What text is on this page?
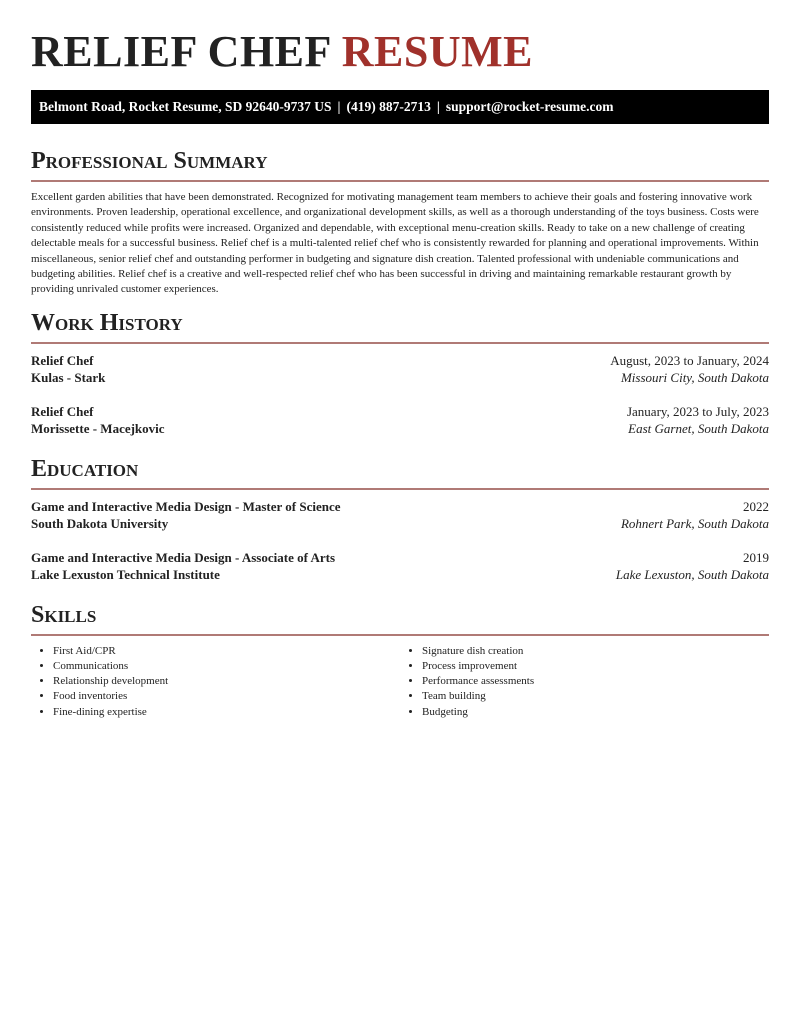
RELIEF CHEF RESUME
Belmont Road, Rocket Resume, SD 92640-9737 US | (419) 887-2713 | support@rocket-resume.com
Professional Summary

Excellent garden abilities that have been demonstrated. Recognized for motivating management team members to achieve their goals and fostering innovative work environments. Proven leadership, operational excellence, and organizational development skills, as well as a thorough understanding of the toys business. Costs were consistently reduced while profits were increased. Organized and dependable, with exceptional menu-creation skills. Ready to take on a new challenge of creating delectable meals for a successful business. Relief chef is a multi-talented relief chef who is consistently rewarded for planning and operational improvements. Within miscellaneous, senior relief chef and outstanding performer in budgeting and signature dish creation. Talented professional with undeniable communications and budgeting abilities. Relief chef is a creative and well-respected relief chef who has been successful in driving and maintaining remarkable restaurant growth by providing unrivaled customer experiences.

Work History
Relief Chef	August, 2023 to January, 2024
Kulas - Stark	Missouri City, South Dakota
Relief Chef	January, 2023 to July, 2023
Morissette - Macejkovic	East Garnet, South Dakota
Education
Game and Interactive Media Design - Master of Science	2022
South Dakota University	Rohnert Park, South Dakota
Game and Interactive Media Design - Associate of Arts	2019
Lake Lexuston Technical Institute	Lake Lexuston, South Dakota
Skills
• First Aid/CPR
• Communications
• Relationship development
• Food inventories
• Fine-dining expertise
• Signature dish creation
• Process improvement
• Performance assessments
• Team building
• Budgeting
